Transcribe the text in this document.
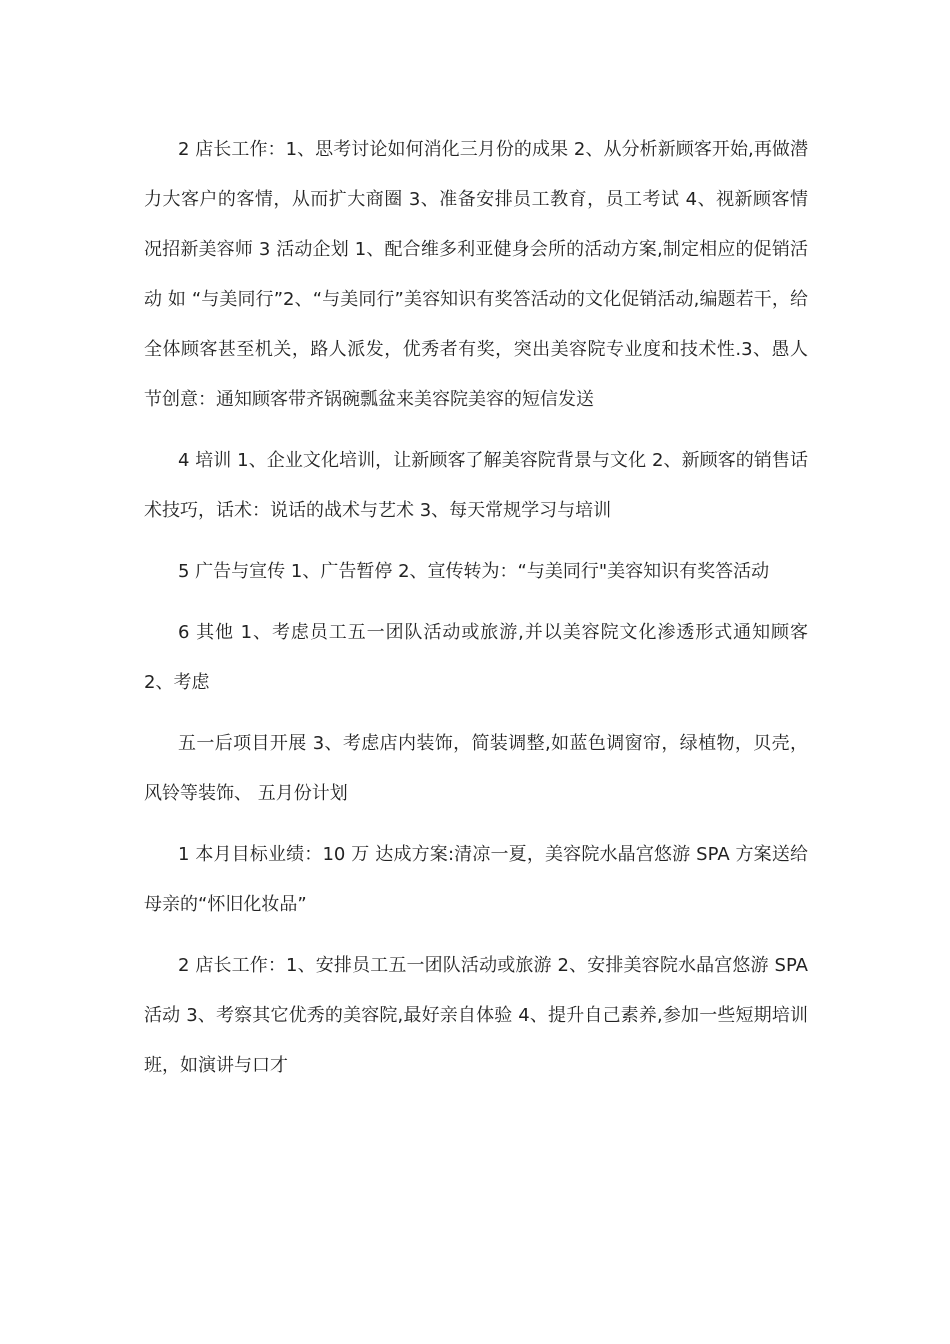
2 店长工作：1、思考讨论如何消化三月份的成果 2、从分析新顾客开始,再做潜力大客户的客情，从而扩大商圈 3、准备安排员工教育，员工考试 4、视新顾客情况招新美容师 3 活动企划 1、配合维多利亚健身会所的活动方案,制定相应的促销活动 如 “与美同行”2、“与美同行”美容知识有奖答活动的文化促销活动,编题若干，给全体顾客甚至机关，路人派发，优秀者有奖，突出美容院专业度和技术性.3、愚人节创意：通知顾客带齐锅碗瓢盆来美容院美容的短信发送

4 培训 1、企业文化培训，让新顾客了解美容院背景与文化 2、新顾客的销售话术技巧，话术：说话的战术与艺术 3、每天常规学习与培训

5 广告与宣传 1、广告暂停 2、宣传转为：“与美同行"美容知识有奖答活动

6 其他 1、考虑员工五一团队活动或旅游,并以美容院文化渗透形式通知顾客 2、考虑

五一后项目开展 3、考虑店内装饰，简装调整,如蓝色调窗帘，绿植物，贝壳，风铃等装饰、 五月份计划

1 本月目标业绩：10 万 达成方案:清凉一夏，美容院水晶宫悠游 SPA 方案送给母亲的“怀旧化妆品”

2 店长工作：1、安排员工五一团队活动或旅游 2、安排美容院水晶宫悠游 SPA 活动 3、考察其它优秀的美容院,最好亲自体验 4、提升自己素养,参加一些短期培训班，如演讲与口才
